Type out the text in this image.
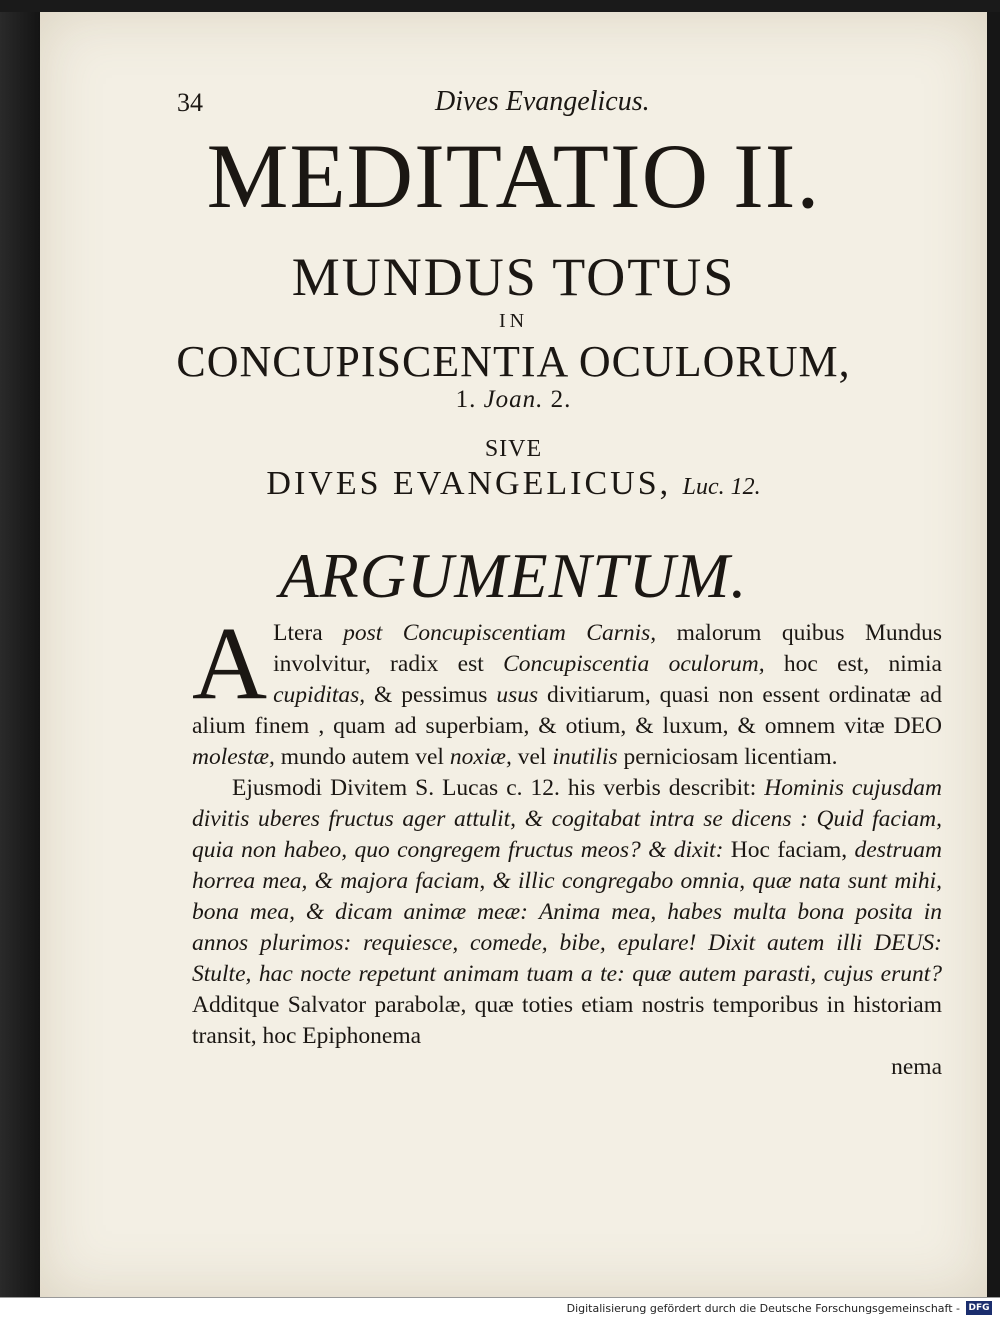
34	Dives Evangelicus.
MEDITATIO II.
MUNDUS TOTUS
IN
CONCUPISCENTIA OCULORUM,
1. Joan. 2.
SIVE
DIVES EVANGELICUS, Luc. 12.
ARGUMENTUM.

A Ltera post Concupiscentiam Carnis, malorum quibus Mundus involvitur, radix est Concupiscentia oculorum, hoc est, nimia cupiditas, & pessimus usus divitiarum, quasi non essent ordinatæ ad alium finem , quam ad superbiam, & otium, & luxum, & omnem vitæ DEO molestæ, mundo autem vel noxiæ, vel inutilis perniciosam licentiam.

Ejusmodi Divitem S. Lucas c. 12. his verbis describit: Hominis cujusdam divitis uberes fructus ager attulit, & cogitabat intra se dicens : Quid faciam, quia non habeo, quo congregem fructus meos? & dixit: Hoc faciam, destruam horrea mea, & majora faciam, & illic congregabo omnia, quæ nata sunt mihi, bona mea, & dicam animæ meæ: Anima mea, habes multa bona posita in annos plurimos: requiesce, comede, bibe, epulare! Dixit autem illi DEUS: Stulte, hac nocte repetunt animam tuam a te: quæ autem parasti, cujus erunt? Additque Salvator parabolæ, quæ toties etiam nostris temporibus in historiam transit, hoc Epiphonema

nema

Digitalisierung gefördert durch die Deutsche Forschungsgemeinschaft - DFG
